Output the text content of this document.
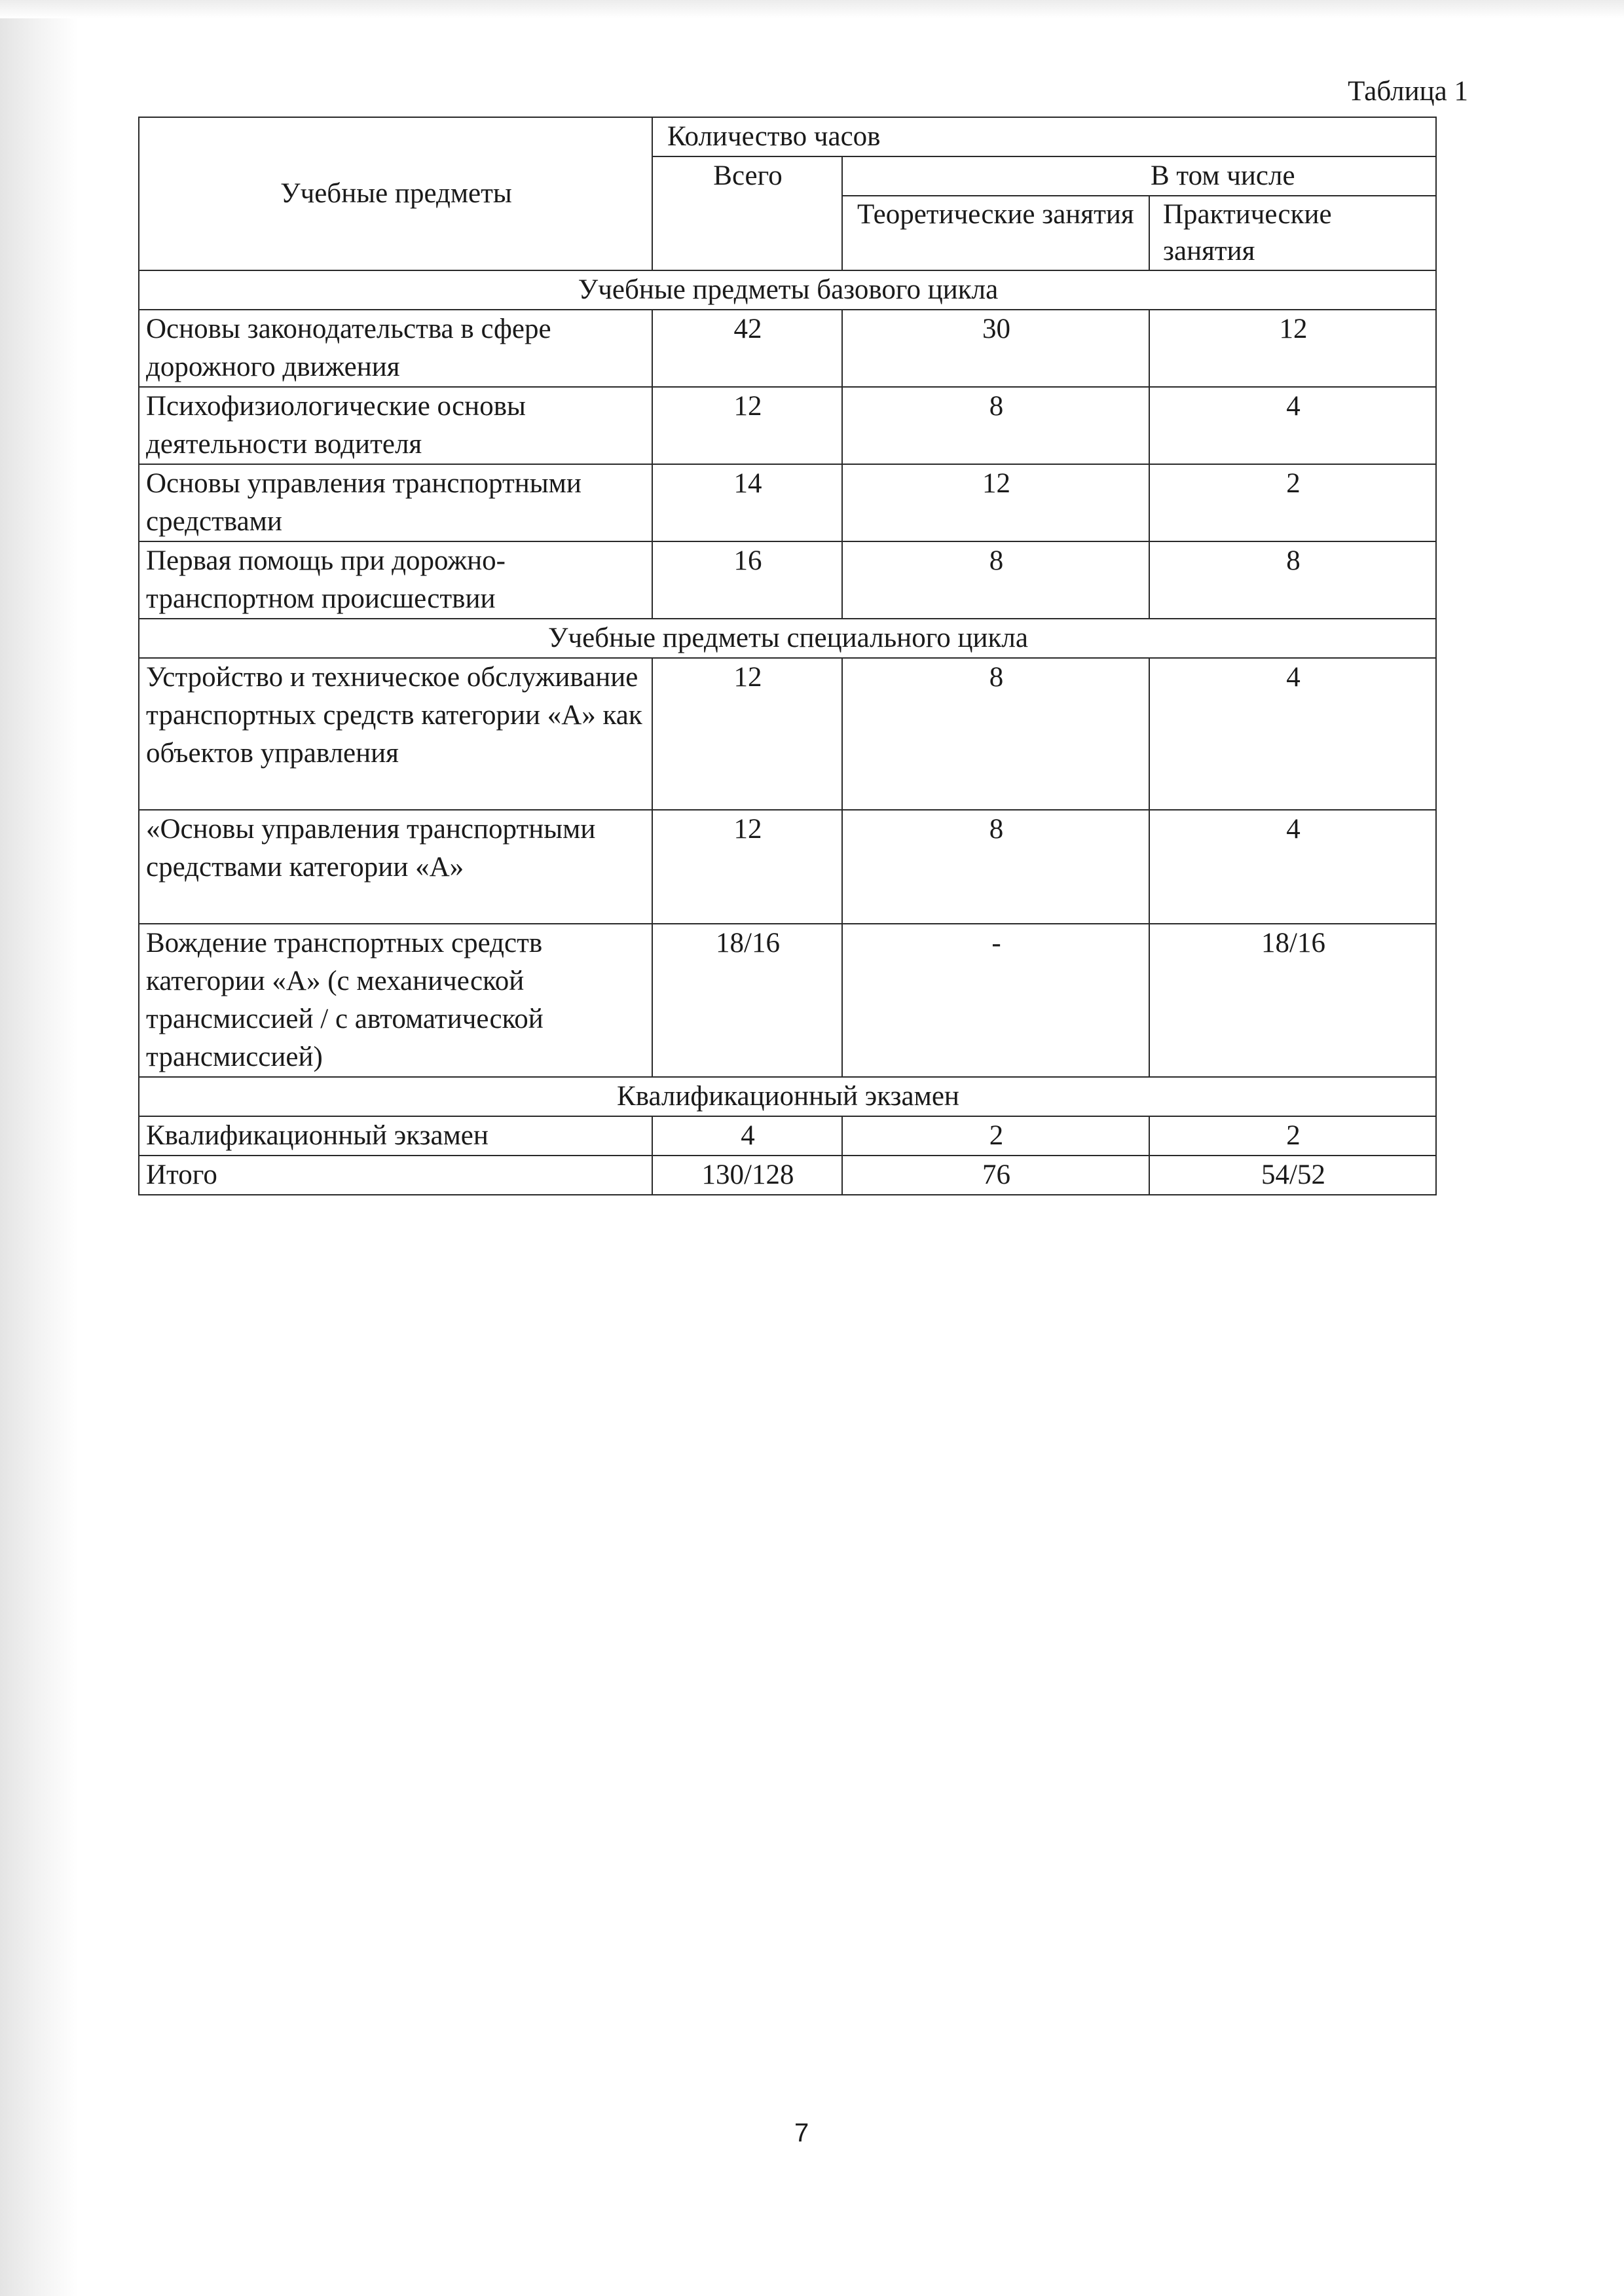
Таблица 1
Учебные предметы	Количество часов		
	Всего	В том числе	
		Теоретические занятия	Практические занятия
Учебные предметы базового цикла			
Основы законодательства в сфере дорожного движения	42	30	12
Психофизиологические основы деятельности водителя	12	8	4
Основы управления транспортными средствами	14	12	2
Первая помощь при дорожно-транспортном происшествии	16	8	8
Учебные предметы специального цикла			
Устройство и техническое обслуживание транспортных средств категории «А» как объектов управления	12	8	4
«Основы управления транспортными средствами категории «А»	12	8	4
Вождение транспортных средств категории «А» (с механической трансмиссией / с автоматической трансмиссией)	18/16	-	18/16
Квалификационный экзамен			
Квалификационный экзамен	4	2	2
Итого	130/128	76	54/52
7
